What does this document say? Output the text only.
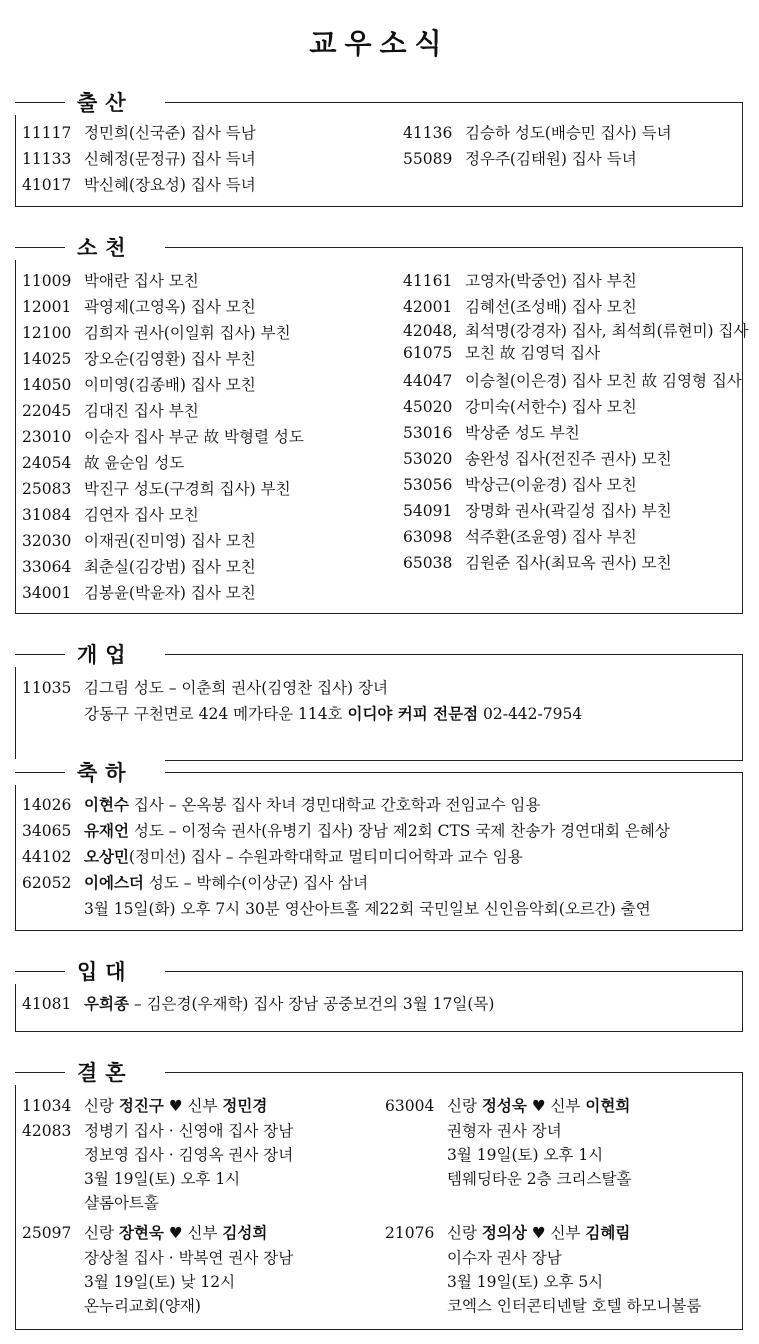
교우소식
출산
11117 정민희(신국준) 집사 득남
11133 신혜정(문정규) 집사 득녀
41017 박신혜(장요성) 집사 득녀
41136 김승하 성도(배승민 집사) 득녀
55089 정우주(김태원) 집사 득녀
소천
11009 박애란 집사 모친
12001 곽영제(고영옥) 집사 모친
12100 김희자 권사(이일휘 집사) 부친
14025 장오순(김영환) 집사 부친
14050 이미영(김종배) 집사 모친
22045 김대진 집사 부친
23010 이순자 집사 부군 故 박형렬 성도
24054 故 윤순임 성도
25083 박진구 성도(구경희 집사) 부친
31084 김연자 집사 모친
32030 이재권(진미영) 집사 모친
33064 최춘실(김강범) 집사 모친
34001 김봉윤(박윤자) 집사 모친
41161 고영자(박중언) 집사 부친
42001 김혜선(조성배) 집사 모친
42048, 최석명(강경자) 집사, 최석희(류현미) 집사
61075 모친 故 김영덕 집사
44047 이승철(이은경) 집사 모친 故 김영형 집사
45020 강미숙(서한수) 집사 모친
53016 박상준 성도 부친
53020 송완성 집사(전진주 권사) 모친
53056 박상근(이윤경) 집사 모친
54091 장명화 권사(곽길성 집사) 부친
63098 석주환(조윤영) 집사 부친
65038 김원준 집사(최묘옥 권사) 모친
개업
11035 김그림 성도 – 이춘희 권사(김영찬 집사) 장녀
강동구 구천면로 424 메가타운 114호 이디야 커피 전문점 02-442-7954
축하
14026 이현수 집사 – 온옥봉 집사 차녀 경민대학교 간호학과 전임교수 임용
34065 유재언 성도 – 이정숙 권사(유병기 집사) 장남 제2회 CTS 국제 찬송가 경연대회 은혜상
44102 오상민(정미선) 집사 – 수원과학대학교 멀티미디어학과 교수 임용
62052 이에스더 성도 – 박혜수(이상군) 집사 삼녀
3월 15일(화) 오후 7시 30분 영산아트홀 제22회 국민일보 신인음악회(오르간) 출연
입대
41081 우희종 – 김은경(우재학) 집사 장남 공중보건의 3월 17일(목)
결혼
11034 신랑 정진구 ♥ 신부 정민경
42083 정병기 집사 · 신영애 집사 장남
정보영 집사 · 김영옥 권사 장녀
3월 19일(토) 오후 1시
샬롬아트홀
63004 신랑 정성욱 ♥ 신부 이현희
권형자 권사 장녀
3월 19일(토) 오후 1시
템웨딩타운 2층 크리스탈홀
25097 신랑 장현욱 ♥ 신부 김성희
장상철 집사 · 박복연 권사 장남
3월 19일(토) 낮 12시
온누리교회(양재)
21076 신랑 정의상 ♥ 신부 김혜림
이수자 권사 장남
3월 19일(토) 오후 5시
코엑스 인터콘티넨탈 호텔 하모니볼룸
